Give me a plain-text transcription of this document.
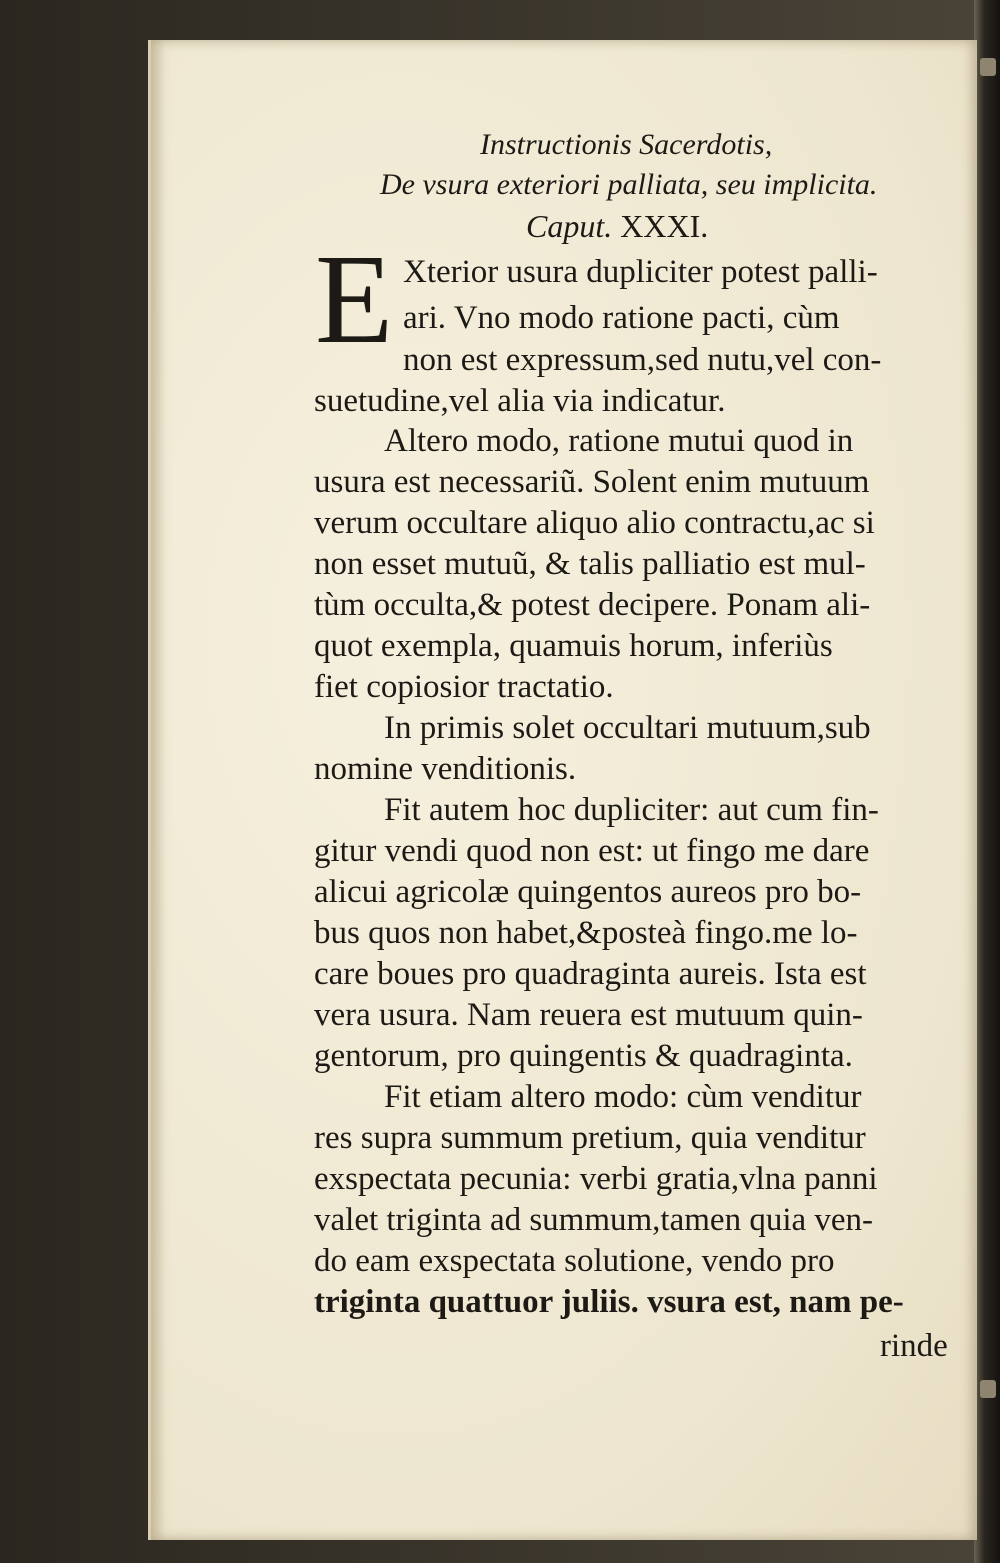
Instructionis Sacerdotis,
De vsura exteriori palliata, seu implicita.
Caput. XXXI.
E Xterior usura dupliciter potest palli-
ari. Vno modo ratione pacti, cùm
non est expressum,sed nutu,vel con-
suetudine,vel alia via indicatur.
Altero modo, ratione mutui quod in
usura est necessariũ. Solent enim mutuum
verum occultare aliquo alio contractu,ac si
non esset mutuũ, & talis palliatio est mul-
tùm occulta,& potest decipere. Ponam ali-
quot exempla, quamuis horum, inferiùs
fiet copiosior tractatio.
In primis solet occultari mutuum,sub
nomine venditionis.
Fit autem hoc dupliciter: aut cum fin-
gitur vendi quod non est: ut fingo me dare
alicui agricolæ quingentos aureos pro bo-
bus quos non habet,&posteà fingo.me lo-
care boues pro quadraginta aureis. Ista est
vera usura. Nam reuera est mutuum quin-
gentorum, pro quingentis & quadraginta.
Fit etiam altero modo: cùm venditur
res supra summum pretium, quia venditur
exspectata pecunia: verbi gratia,vlna panni
valet triginta ad summum,tamen quia ven-
do eam exspectata solutione, vendo pro
triginta quattuor juliis. vsura est, nam pe-
rinde
